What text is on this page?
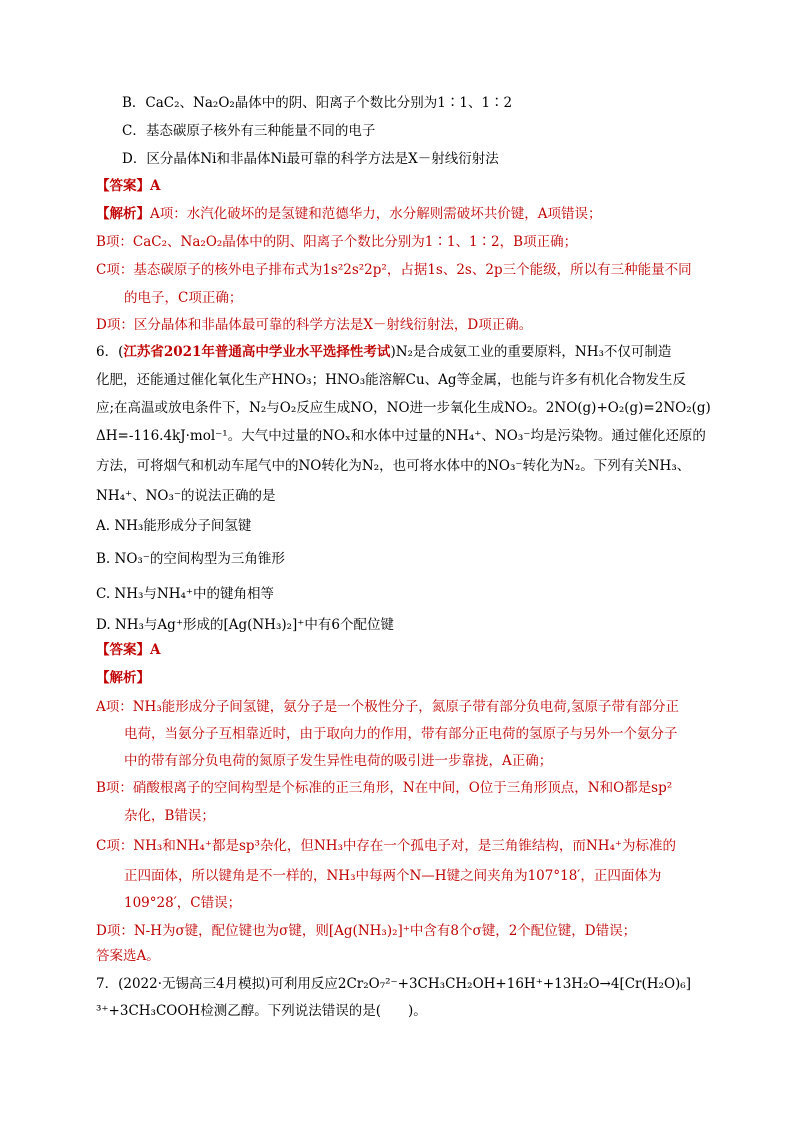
B．CaC₂、Na₂O₂晶体中的阴、阳离子个数比分别为1∶1、1∶2
C．基态碳原子核外有三种能量不同的电子
D．区分晶体Ni和非晶体Ni最可靠的科学方法是X－射线衍射法
【答案】A
【解析】A项：水汽化破坏的是氢键和范德华力，水分解则需破坏共价键，A项错误；
B项：CaC₂、Na₂O₂晶体中的阴、阳离子个数比分别为1∶1、1∶2，B项正确；
C项：基态碳原子的核外电子排布式为1s²2s²2p²，占据1s、2s、2p三个能级，所以有三种能量不同
的电子，C项正确；
D项：区分晶体和非晶体最可靠的科学方法是X－射线衍射法，D项正确。
6．(江苏省2021年普通高中学业水平选择性考试)N₂是合成氨工业的重要原料，NH₃不仅可制造
化肥，还能通过催化氧化生产HNO₃；HNO₃能溶解Cu、Ag等金属，也能与许多有机化合物发生反
应;在高温或放电条件下，N₂与O₂反应生成NO，NO进一步氧化生成NO₂。2NO(g)+O₂(g)=2NO₂(g)
ΔH=-116.4kJ·mol⁻¹。大气中过量的NOₓ和水体中过量的NH₄⁺、NO₃⁻均是污染物。通过催化还原的
方法，可将烟气和机动车尾气中的NO转化为N₂，也可将水体中的NO₃⁻转化为N₂。下列有关NH₃、
NH₄⁺、NO₃⁻的说法正确的是
A. NH₃能形成分子间氢键
B. NO₃⁻的空间构型为三角锥形
C. NH₃与NH₄⁺中的键角相等
D. NH₃与Ag⁺形成的[Ag(NH₃)₂]⁺中有6个配位键
【答案】A
【解析】
A项：NH₃能形成分子间氢键，氨分子是一个极性分子，氮原子带有部分负电荷,氢原子带有部分正
电荷，当氨分子互相靠近时，由于取向力的作用，带有部分正电荷的氢原子与另外一个氨分子
中的带有部分负电荷的氮原子发生异性电荷的吸引进一步靠拢，A正确；
B项：硝酸根离子的空间构型是个标准的正三角形，N在中间，O位于三角形顶点，N和O都是sp²
杂化，B错误；
C项：NH₃和NH₄⁺都是sp³杂化，但NH₃中存在一个孤电子对，是三角锥结构，而NH₄⁺为标准的
正四面体，所以键角是不一样的，NH₃中每两个N—H键之间夹角为107°18′，正四面体为
109°28′，C错误；
D项：N-H为σ键，配位键也为σ键，则[Ag(NH₃)₂]⁺中含有8个σ键，2个配位键，D错误；
答案选A。
7．(2022·无锡高三4月模拟)可利用反应2Cr₂O₇²⁻+3CH₃CH₂OH+16H⁺+13H₂O→4[Cr(H₂O)₆]
³⁺+3CH₃COOH检测乙醇。下列说法错误的是(　　)。
